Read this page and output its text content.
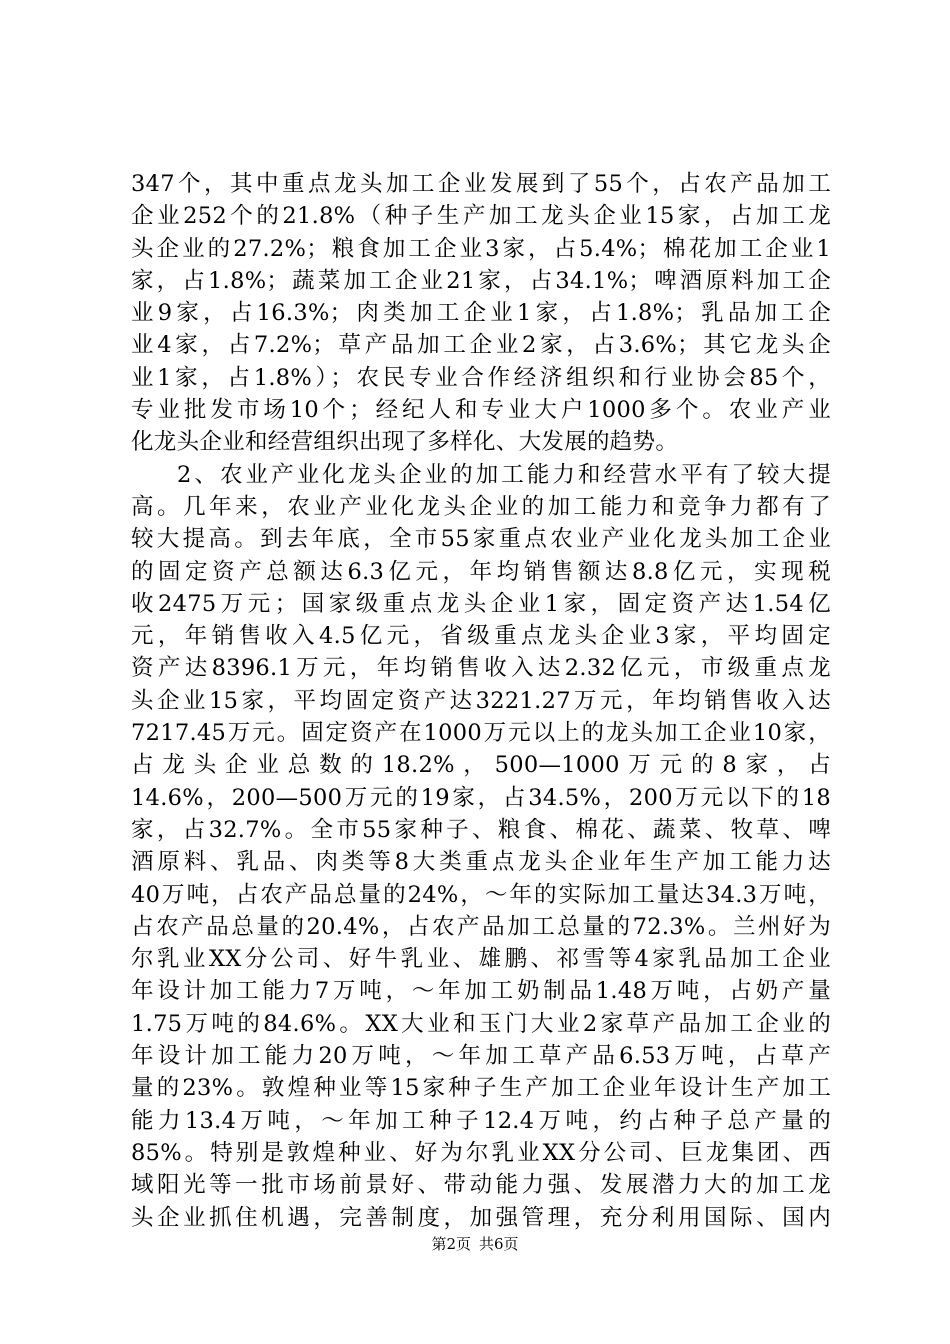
347个，其中重点龙头加工企业发展到了55个，占农产品加工
企业252个的21.8%（种子生产加工龙头企业15家，占加工龙
头企业的27.2%；粮食加工企业3家，占5.4%；棉花加工企业1
家，占1.8%；蔬菜加工企业21家，占34.1%；啤酒原料加工企
业9家，占16.3%；肉类加工企业1家，占1.8%；乳品加工企
业4家，占7.2%；草产品加工企业2家，占3.6%；其它龙头企
业1家，占1.8%）；农民专业合作经济组织和行业协会85个，
专业批发市场10个；经纪人和专业大户1000多个。农业产业
化龙头企业和经营组织出现了多样化、大发展的趋势。
2、农业产业化龙头企业的加工能力和经营水平有了较大提
高。几年来，农业产业化龙头企业的加工能力和竞争力都有了
较大提高。到去年底，全市55家重点农业产业化龙头加工企业
的固定资产总额达6.3亿元，年均销售额达8.8亿元，实现税
收2475万元；国家级重点龙头企业1家，固定资产达1.54亿
元，年销售收入4.5亿元，省级重点龙头企业3家，平均固定
资产达8396.1万元，年均销售收入达2.32亿元，市级重点龙
头企业15家，平均固定资产达3221.27万元，年均销售收入达
7217.45万元。固定资产在1000万元以上的龙头加工企业10家，
占龙头企业总数的18.2%，500—1000万元的8家，占
14.6%，200—500万元的19家，占34.5%，200万元以下的18
家，占32.7%。全市55家种子、粮食、棉花、蔬菜、牧草、啤
酒原料、乳品、肉类等8大类重点龙头企业年生产加工能力达
40万吨，占农产品总量的24%，～年的实际加工量达34.3万吨，
占农产品总量的20.4%，占农产品加工总量的72.3%。兰州好为
尔乳业XX分公司、好牛乳业、雄鹏、祁雪等4家乳品加工企业
年设计加工能力7万吨，～年加工奶制品1.48万吨，占奶产量
1.75万吨的84.6%。XX大业和玉门大业2家草产品加工企业的
年设计加工能力20万吨，～年加工草产品6.53万吨，占草产
量的23%。敦煌种业等15家种子生产加工企业年设计生产加工
能力13.4万吨，～年加工种子12.4万吨，约占种子总产量的
85%。特别是敦煌种业、好为尔乳业XX分公司、巨龙集团、西
域阳光等一批市场前景好、带动能力强、发展潜力大的加工龙
头企业抓住机遇，完善制度，加强管理，充分利用国际、国内
第2页 共6页
